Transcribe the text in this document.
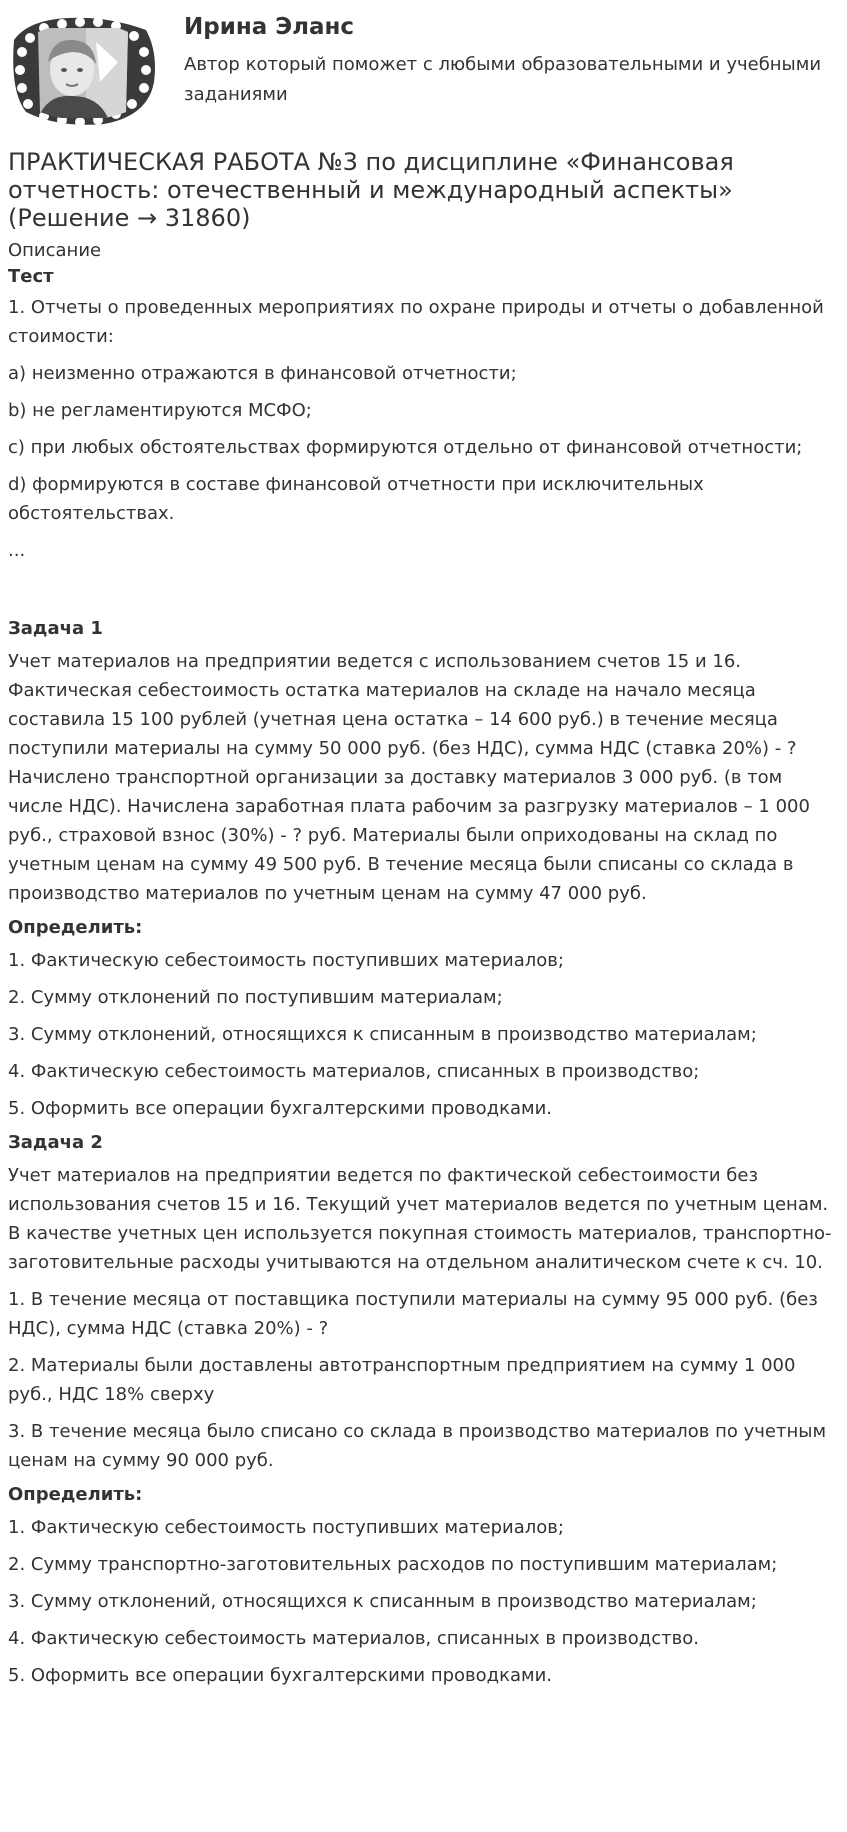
Ирина Эланс
Автор который поможет с любыми образовательными и учебными заданиями
ПРАКТИЧЕСКАЯ РАБОТА №3 по дисциплине «Финансовая отчетность: отечественный и международный аспекты» (Решение → 31860)
Описание
Тест

1. Отчеты о проведенных мероприятиях по охране природы и отчеты о добавленной стоимости:

a) неизменно отражаются в финансовой отчетности;

b) не регламентируются МСФО;

c) при любых обстоятельствах формируются отдельно от финансовой отчетности;

d) формируются в составе финансовой отчетности при исключительных обстоятельствах.

...

Задача 1

Учет материалов на предприятии ведется с использованием счетов 15 и 16. Фактическая себестоимость остатка материалов на складе на начало месяца составила 15 100 рублей (учетная цена остатка – 14 600 руб.) в течение месяца поступили материалы на сумму 50 000 руб. (без НДС), сумма НДС (ставка 20%) - ? Начислено транспортной организации за доставку материалов 3 000 руб. (в том числе НДС). Начислена заработная плата рабочим за разгрузку материалов – 1 000 руб., страховой взнос (30%) - ? руб. Материалы были оприходованы на склад по учетным ценам на сумму 49 500 руб. В течение месяца были списаны со склада в производство материалов по учетным ценам на сумму 47 000 руб.

Определить:

1. Фактическую себестоимость поступивших материалов;

2. Сумму отклонений по поступившим материалам;

3. Сумму отклонений, относящихся к списанным в производство материалам;

4. Фактическую себестоимость материалов, списанных в производство;

5. Оформить все операции бухгалтерскими проводками.

Задача 2

Учет материалов на предприятии ведется по фактической себестоимости без использования счетов 15 и 16. Текущий учет материалов ведется по учетным ценам. В качестве учетных цен используется покупная стоимость материалов, транспортно-заготовительные расходы учитываются на отдельном аналитическом счете к сч. 10.

1. В течение месяца от поставщика поступили материалы на сумму 95 000 руб. (без НДС), сумма НДС (ставка 20%) - ?

2. Материалы были доставлены автотранспортным предприятием на сумму 1 000 руб., НДС 18% сверху

3. В течение месяца было списано со склада в производство материалов по учетным ценам на сумму 90 000 руб.

Определить:

1. Фактическую себестоимость поступивших материалов;

2. Сумму транспортно-заготовительных расходов по поступившим материалам;

3. Сумму отклонений, относящихся к списанным в производство материалам;

4. Фактическую себестоимость материалов, списанных в производство.

5. Оформить все операции бухгалтерскими проводками.
